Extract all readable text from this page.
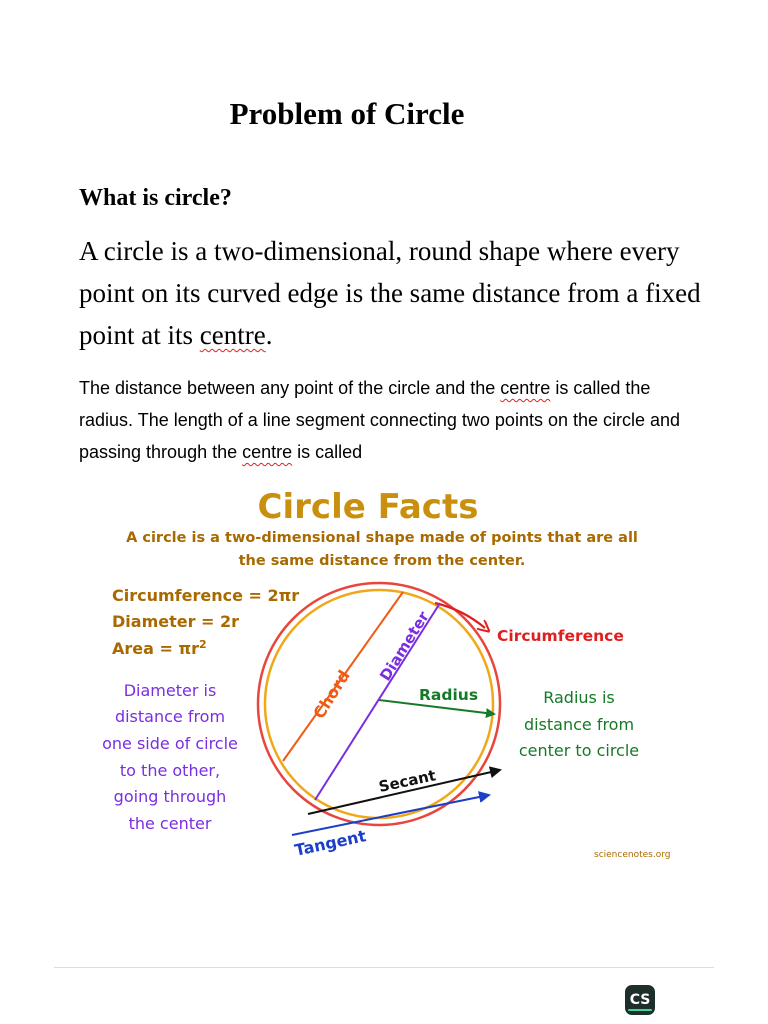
Problem of Circle
What is circle?
A circle is a two-dimensional, round shape where every point on its curved edge is the same distance from a fixed point at its centre.
The distance between any point of the circle and the centre is called the radius. The length of a line segment connecting two points on the circle and passing through the centre is called
Circle Facts
A circle is a two-dimensional shape made of points that are all
the same distance from the center.
Circumference = 2πr
Diameter = 2r
Area = $\pi r^2$
Diameter is
distance from
one side of circle
to the other,
going through
the center
Radius is
distance from
center to circle
Circumference
Chord
Diameter
Radius
Secant
Tangent	sciencenotes.org
CS
